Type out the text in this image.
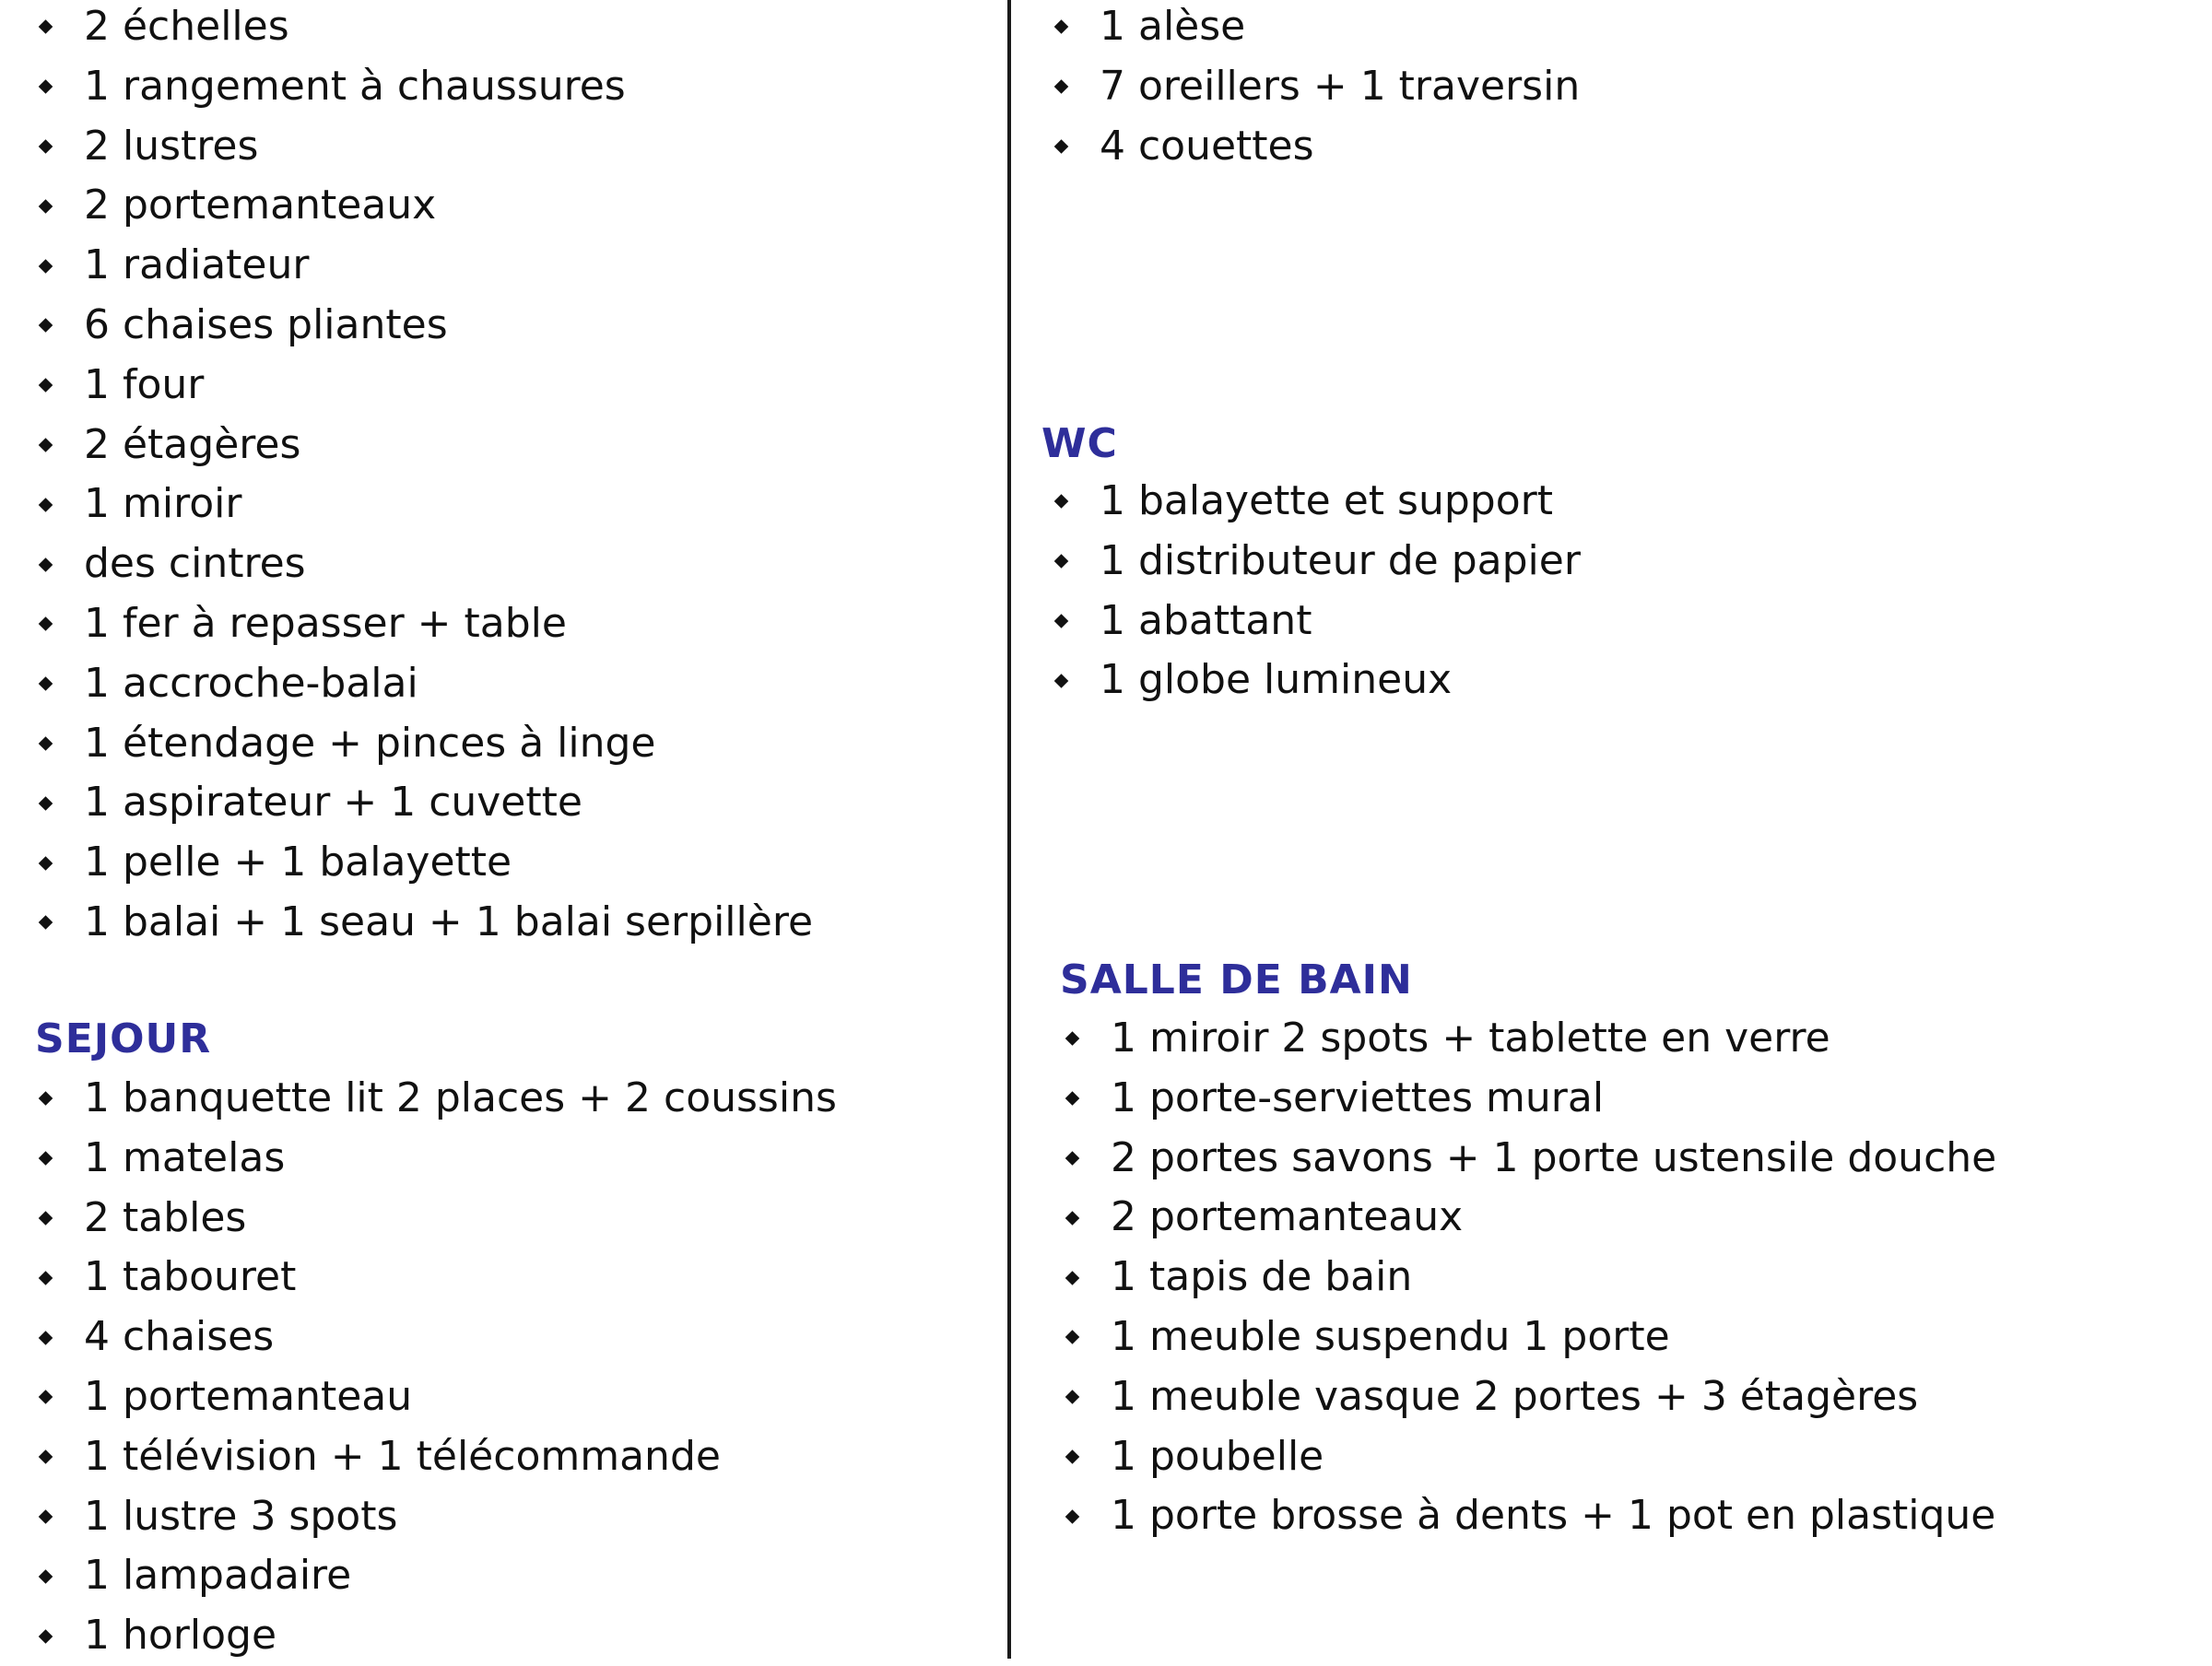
2 échelles
1 rangement à chaussures
2 lustres
2 portemanteaux
1 radiateur
6 chaises pliantes
1 four
2 étagères
1 miroir
des cintres
1 fer à repasser + table
1 accroche-balai
1 étendage + pinces à linge
1 aspirateur + 1 cuvette
1 pelle + 1 balayette
1 balai + 1 seau + 1 balai serpillère
SEJOUR
1 banquette lit 2 places + 2 coussins
1 matelas
2 tables
1 tabouret
4 chaises
1 portemanteau
1 télévision + 1 télécommande
1 lustre 3 spots
1 lampadaire
1 horloge
1 alèse
7 oreillers + 1 traversin
4 couettes
WC
1 balayette et support
1 distributeur de papier
1 abattant
1 globe lumineux
SALLE DE BAIN
1 miroir 2 spots + tablette en verre
1 porte-serviettes mural
2 portes savons + 1 porte ustensile douche
2 portemanteaux
1 tapis de bain
1 meuble suspendu 1 porte
1 meuble vasque 2 portes + 3 étagères
1 poubelle
1 porte brosse à dents + 1 pot en plastique
